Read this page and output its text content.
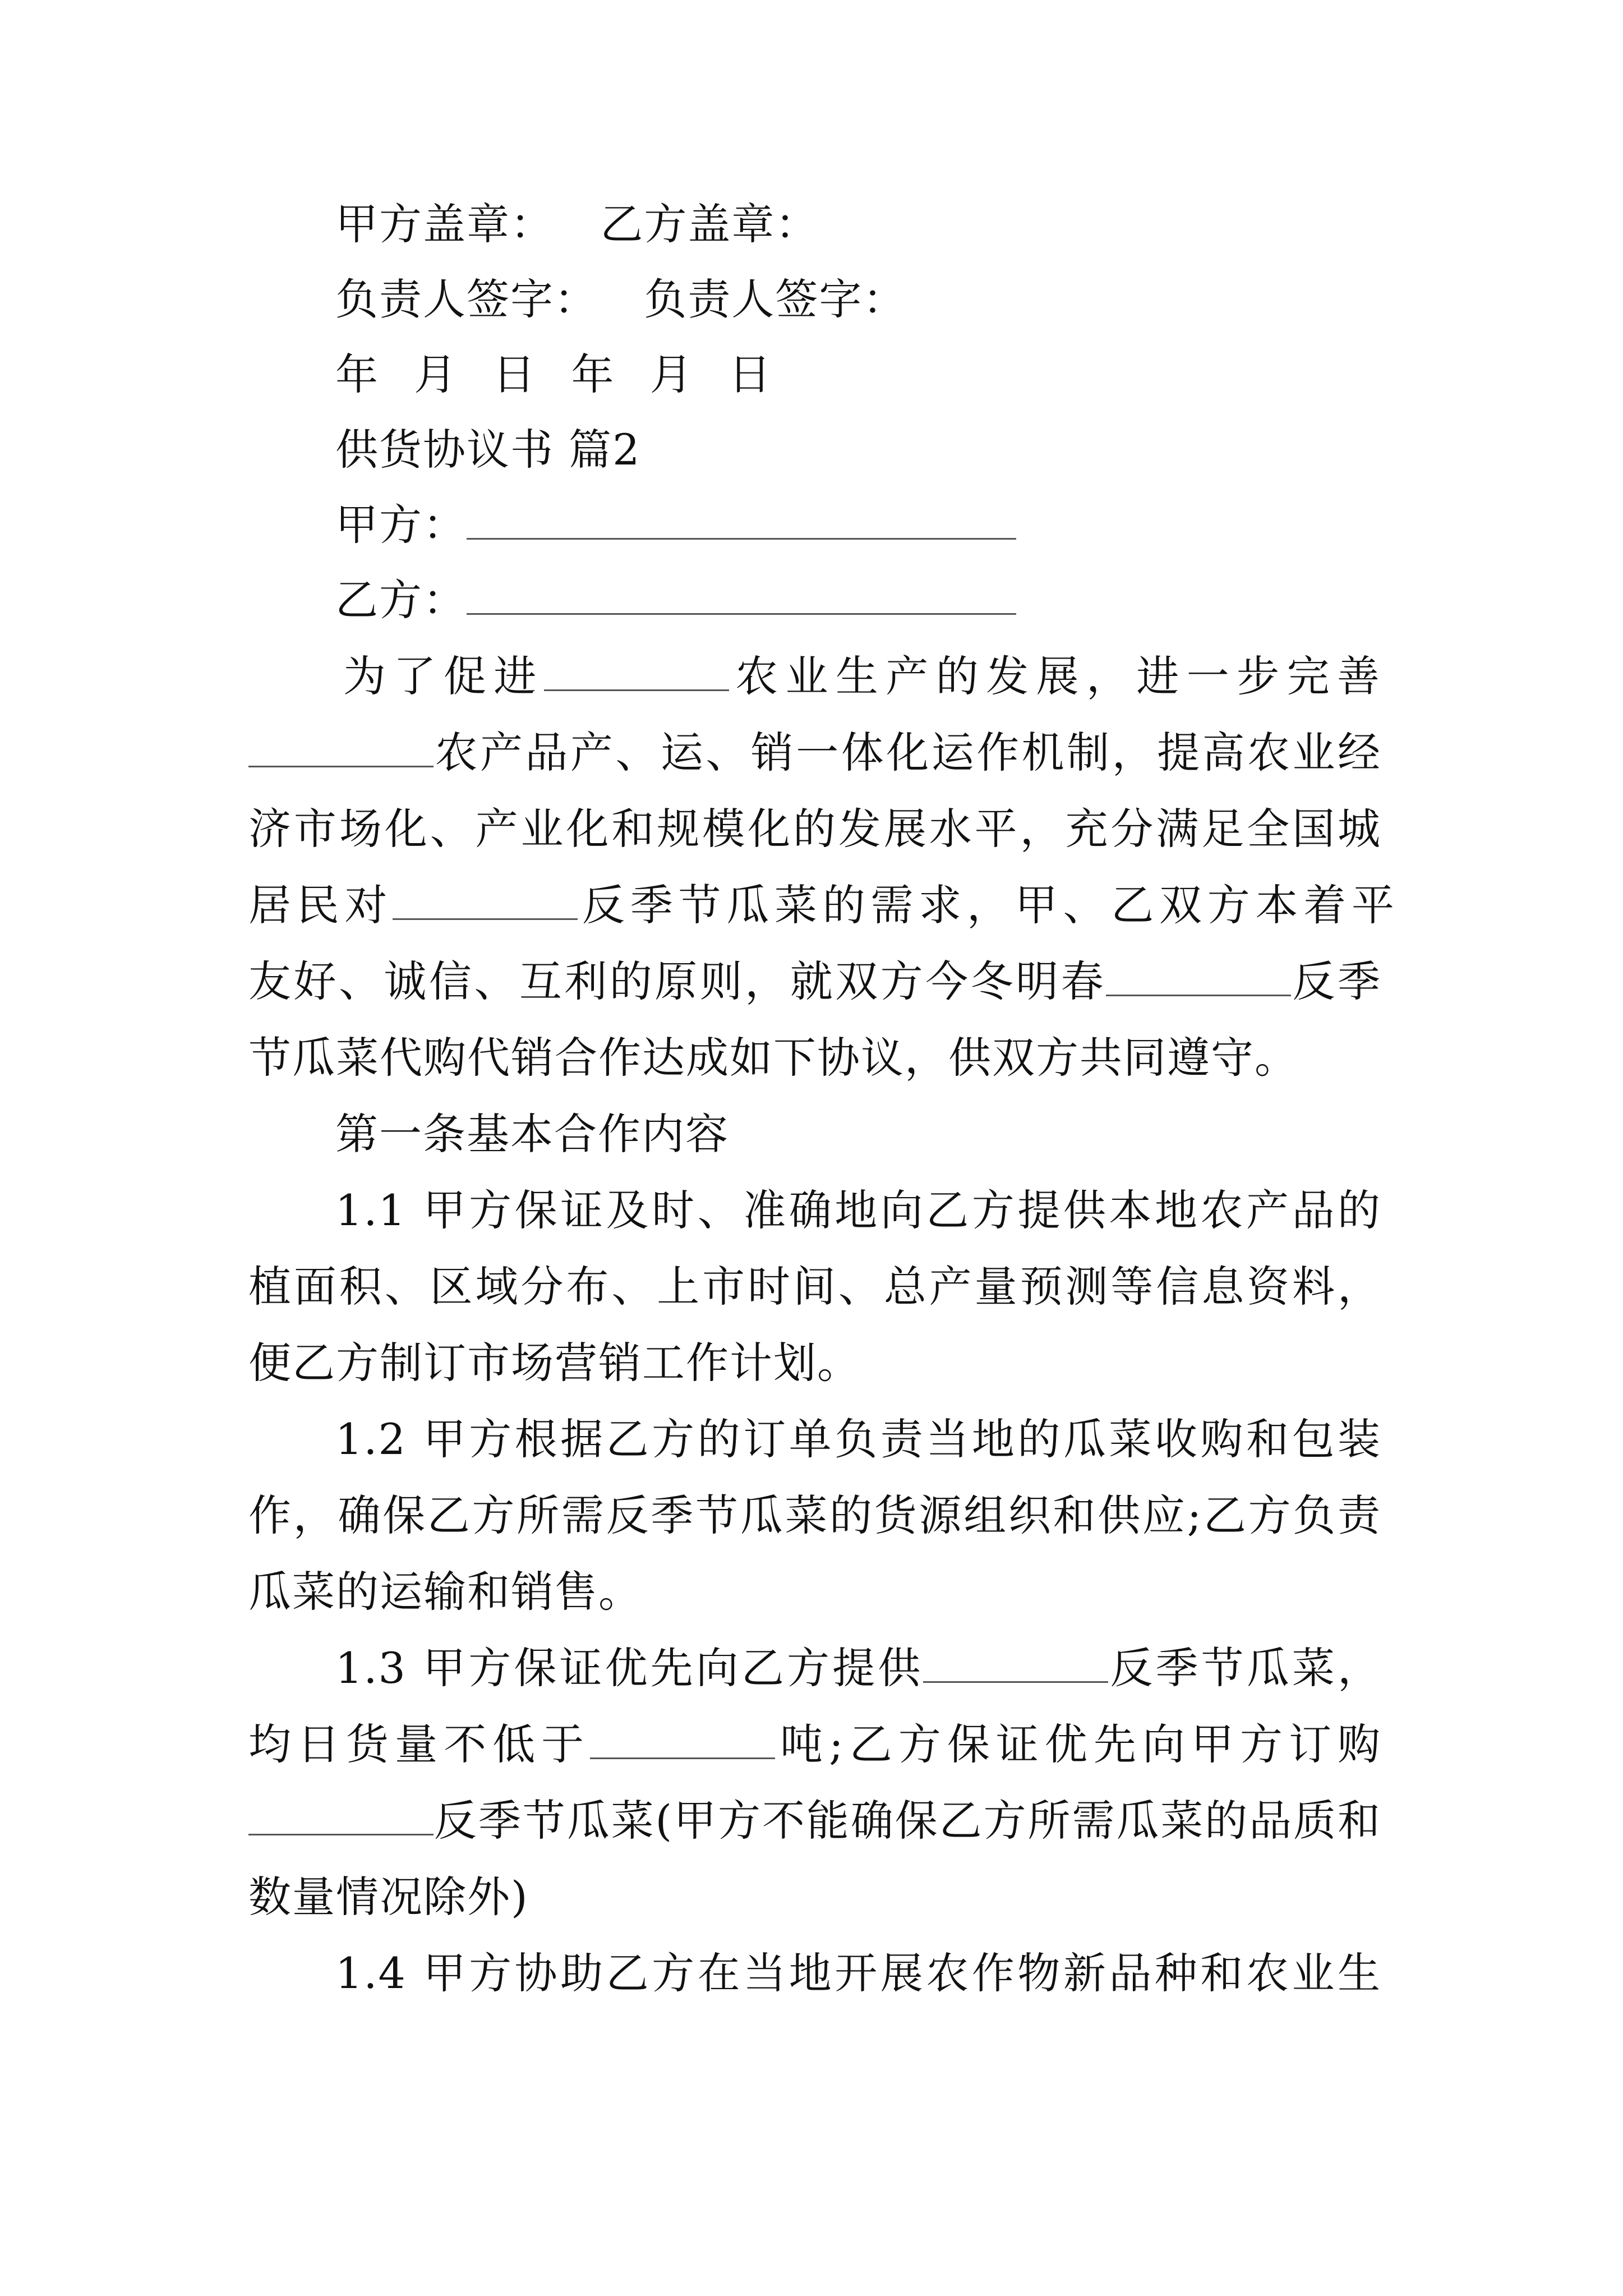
甲方盖章： 乙方盖章：
负责人签字： 负责人签字：
年 月 日 年 月 日
供货协议书 篇2
甲方：
乙方：
为了促进	农业生产的发展，进一步完善
农产品产、运、销一体化运作机制，提高农业经
济市场化、产业化和规模化的发展水平，充分满足全国城
居民对	反季节瓜菜的需求，甲、乙双方本着平
友好、诚信、互利的原则，就双方今冬明春	反季
节瓜菜代购代销合作达成如下协议，供双方共同遵守。
第一条基本合作内容
1.1 甲方保证及时、准确地向乙方提供本地农产品的
植面积、区域分布、上市时间、总产量预测等信息资料，
便乙方制订市场营销工作计划。
1.2 甲方根据乙方的订单负责当地的瓜菜收购和包装
作，确保乙方所需反季节瓜菜的货源组织和供应;乙方负责
瓜菜的运输和销售。
1.3 甲方保证优先向乙方提供	反季节瓜菜，
均日货量不低于	吨;乙方保证优先向甲方订购
反季节瓜菜(甲方不能确保乙方所需瓜菜的品质和
数量情况除外)
1.4 甲方协助乙方在当地开展农作物新品种和农业生
